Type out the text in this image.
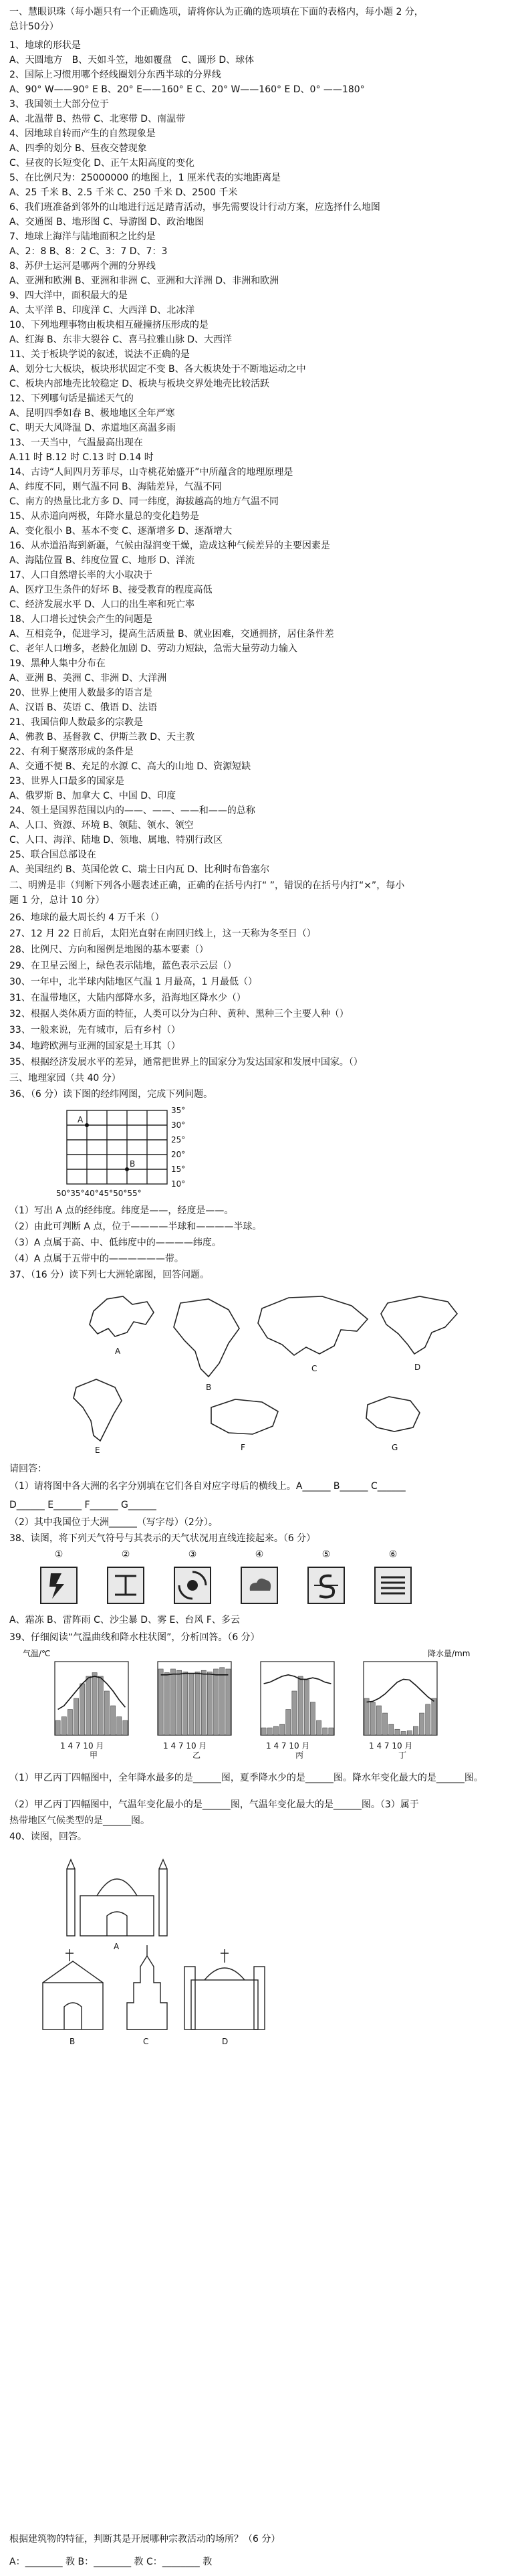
一、慧眼识珠（每小题只有一个正确选项，请将你认为正确的选项填在下面的表格内，每小题 2 分，
总计50分）
1、地球的形状是
A、天圆地方　B、天如斗笠，地如覆盘　C、圆形 D、球体
2、国际上习惯用哪个经线圈划分东西半球的分界线
A、90° W——90° E B、20° E——160° E C、20° W——160° E D、0° ——180°
3、我国领土大部分位于
A、北温带 B、热带 C、北寒带 D、南温带
4、因地球自转而产生的自然现象是
A、四季的划分 B、昼夜交替现象
C、昼夜的长短变化 D、正午太阳高度的变化
5、在比例尺为：25000000 的地图上，1 厘米代表的实地距离是
A、25 千米 B、2.5 千米 C、250 千米 D、2500 千米
6、我们班准备到邻外的山地进行远足踏青活动，事先需要设计行动方案，应选择什么地图
A、交通图 B、地形图 C、导游图 D、政治地图
7、地球上海洋与陆地面积之比约是
A、2：8 B、8：2 C、3：7 D、7：3
8、苏伊士运河是哪两个洲的分界线
A、亚洲和欧洲 B、亚洲和非洲 C、亚洲和大洋洲 D、非洲和欧洲
9、四大洋中，面积最大的是
A、太平洋 B、印度洋 C、大西洋 D、北冰洋
10、下列地理事物由板块相互碰撞挤压形成的是
A、红海 B、东非大裂谷 C、喜马拉雅山脉 D、大西洋
11、关于板块学说的叙述，说法不正确的是
A、划分七大板块，板块形状固定不变 B、各大板块处于不断地运动之中
C、板块内部地壳比较稳定 D、板块与板块交界处地壳比较活跃
12、下列哪句话是描述天气的
A、昆明四季如春 B、极地地区全年严寒
C、明天大风降温 D、赤道地区高温多雨
13、一天当中，气温最高出现在
A.11 时 B.12 时 C.13 时 D.14 时
14、古诗“人间四月芳菲尽，山寺桃花始盛开”中所蕴含的地理原理是
A、纬度不同，则气温不同 B、海陆差异，气温不同
C、南方的热量比北方多 D、同一纬度，海拔越高的地方气温不同
15、从赤道向两极，年降水量总的变化趋势是
A、变化很小 B、基本不变 C、逐渐增多 D、逐渐增大
16、从赤道沿海到新疆，气候由湿润变干燥，造成这种气候差异的主要因素是
A、海陆位置 B、纬度位置 C、地形 D、洋流
17、人口自然增长率的大小取决于
A、医疗卫生条件的好坏 B、接受教育的程度高低
C、经济发展水平 D、人口的出生率和死亡率
18、人口增长过快会产生的问题是
A、互相竞争，促进学习，提高生活质量 B、就业困难，交通拥挤，居住条件差
C、老年人口增多，老龄化加剧 D、劳动力短缺，急需大量劳动力输入
19、黑种人集中分布在
A、亚洲 B、美洲 C、非洲 D、大洋洲
20、世界上使用人数最多的语言是
A、汉语 B、英语 C、俄语 D、法语
21、我国信仰人数最多的宗教是
A、佛教 B、基督教 C、伊斯兰教 D、天主教
22、有利于聚落形成的条件是
A、交通不便 B、充足的水源 C、高大的山地 D、资源短缺
23、世界人口最多的国家是
A、俄罗斯 B、加拿大 C、中国 D、印度
24、领土是国界范围以内的——、——、——和——的总称
A、人口、资源、环境 B、领陆、领水、领空
C、人口、海洋、陆地 D、领地、属地、特别行政区
25、联合国总部设在
A、美国纽约 B、英国伦敦 C、瑞士日内瓦 D、比利时布鲁塞尔
二、明辨是非（判断下列各小题表述正确，正确的在括号内打“ ”，错误的在括号内打“×”，每小
题 1 分，总计 10 分）
26、地球的最大周长约 4 万千米（）
27、12 月 22 日前后，太阳光直射在南回归线上，这一天称为冬至日（）
28、比例尺、方向和图例是地图的基本要素（）
29、在卫星云图上，绿色表示陆地，蓝色表示云层（）
30、一年中，北半球内陆地区气温 1 月最高，1 月最低（）
31、在温带地区，大陆内部降水多，沿海地区降水少（）
32、根据人类体质方面的特征，人类可以分为白种、黄种、黑种三个主要人种（）
33、一般来说，先有城市，后有乡村（）
34、地跨欧洲与亚洲的国家是土耳其（）
35、根据经济发展水平的差异，通常把世界上的国家分为发达国家和发展中国家。（）
三、地理家园（共 40 分）
36、（6 分）读下图的经纬网图，完成下列问题。
35°
30°
25°
20°
15°
10°
50°35°40°45°50°55°
A
B
（1）写出 A 点的经纬度。纬度是——，经度是——。
（2）由此可判断 A 点，位于————半球和————半球。
（3）A 点属于高、中、低纬度中的————纬度。
（4）A 点属于五带中的——————带。
37、（16 分）读下列七大洲轮廓图，回答问题。
A
B
C	D
E	F	G
请回答：
（1）请将图中各大洲的名字分别填在它们各自对应字母后的横线上。A______ B______ C______
D______ E______ F______ G______
（2）其中我国位于大洲______（写字母）（2分）。
38、读图，将下列天气符号与其表示的天气状况用直线连接起来。（6 分）
①	②	③	④	⑤	⑥
A、霜冻 B、雷阵雨 C、沙尘暴 D、雾 E、台风 F、多云
39、仔细阅读“气温曲线和降水柱状图”，分析回答。（6 分）
气温/℃	降水量/mm
甲	乙	丙	丁
1 4 7 10 月	1 4 7 10 月	1 4 7 10 月	1 4 7 10 月
（1）甲乙丙丁四幅图中，全年降水最多的是______图，夏季降水少的是______图。降水年变化最大的是______图。
（2）甲乙丙丁四幅图中，气温年变化最小的是______图，气温年变化最大的是______图。（3）属于
热带地区气候类型的是______图。
40、读图，回答。
A
B	C	D
根据建筑物的特征，判断其是开展哪种宗教活动的场所？（6 分）
A：________ 教 B：________ 教 C：________ 教
